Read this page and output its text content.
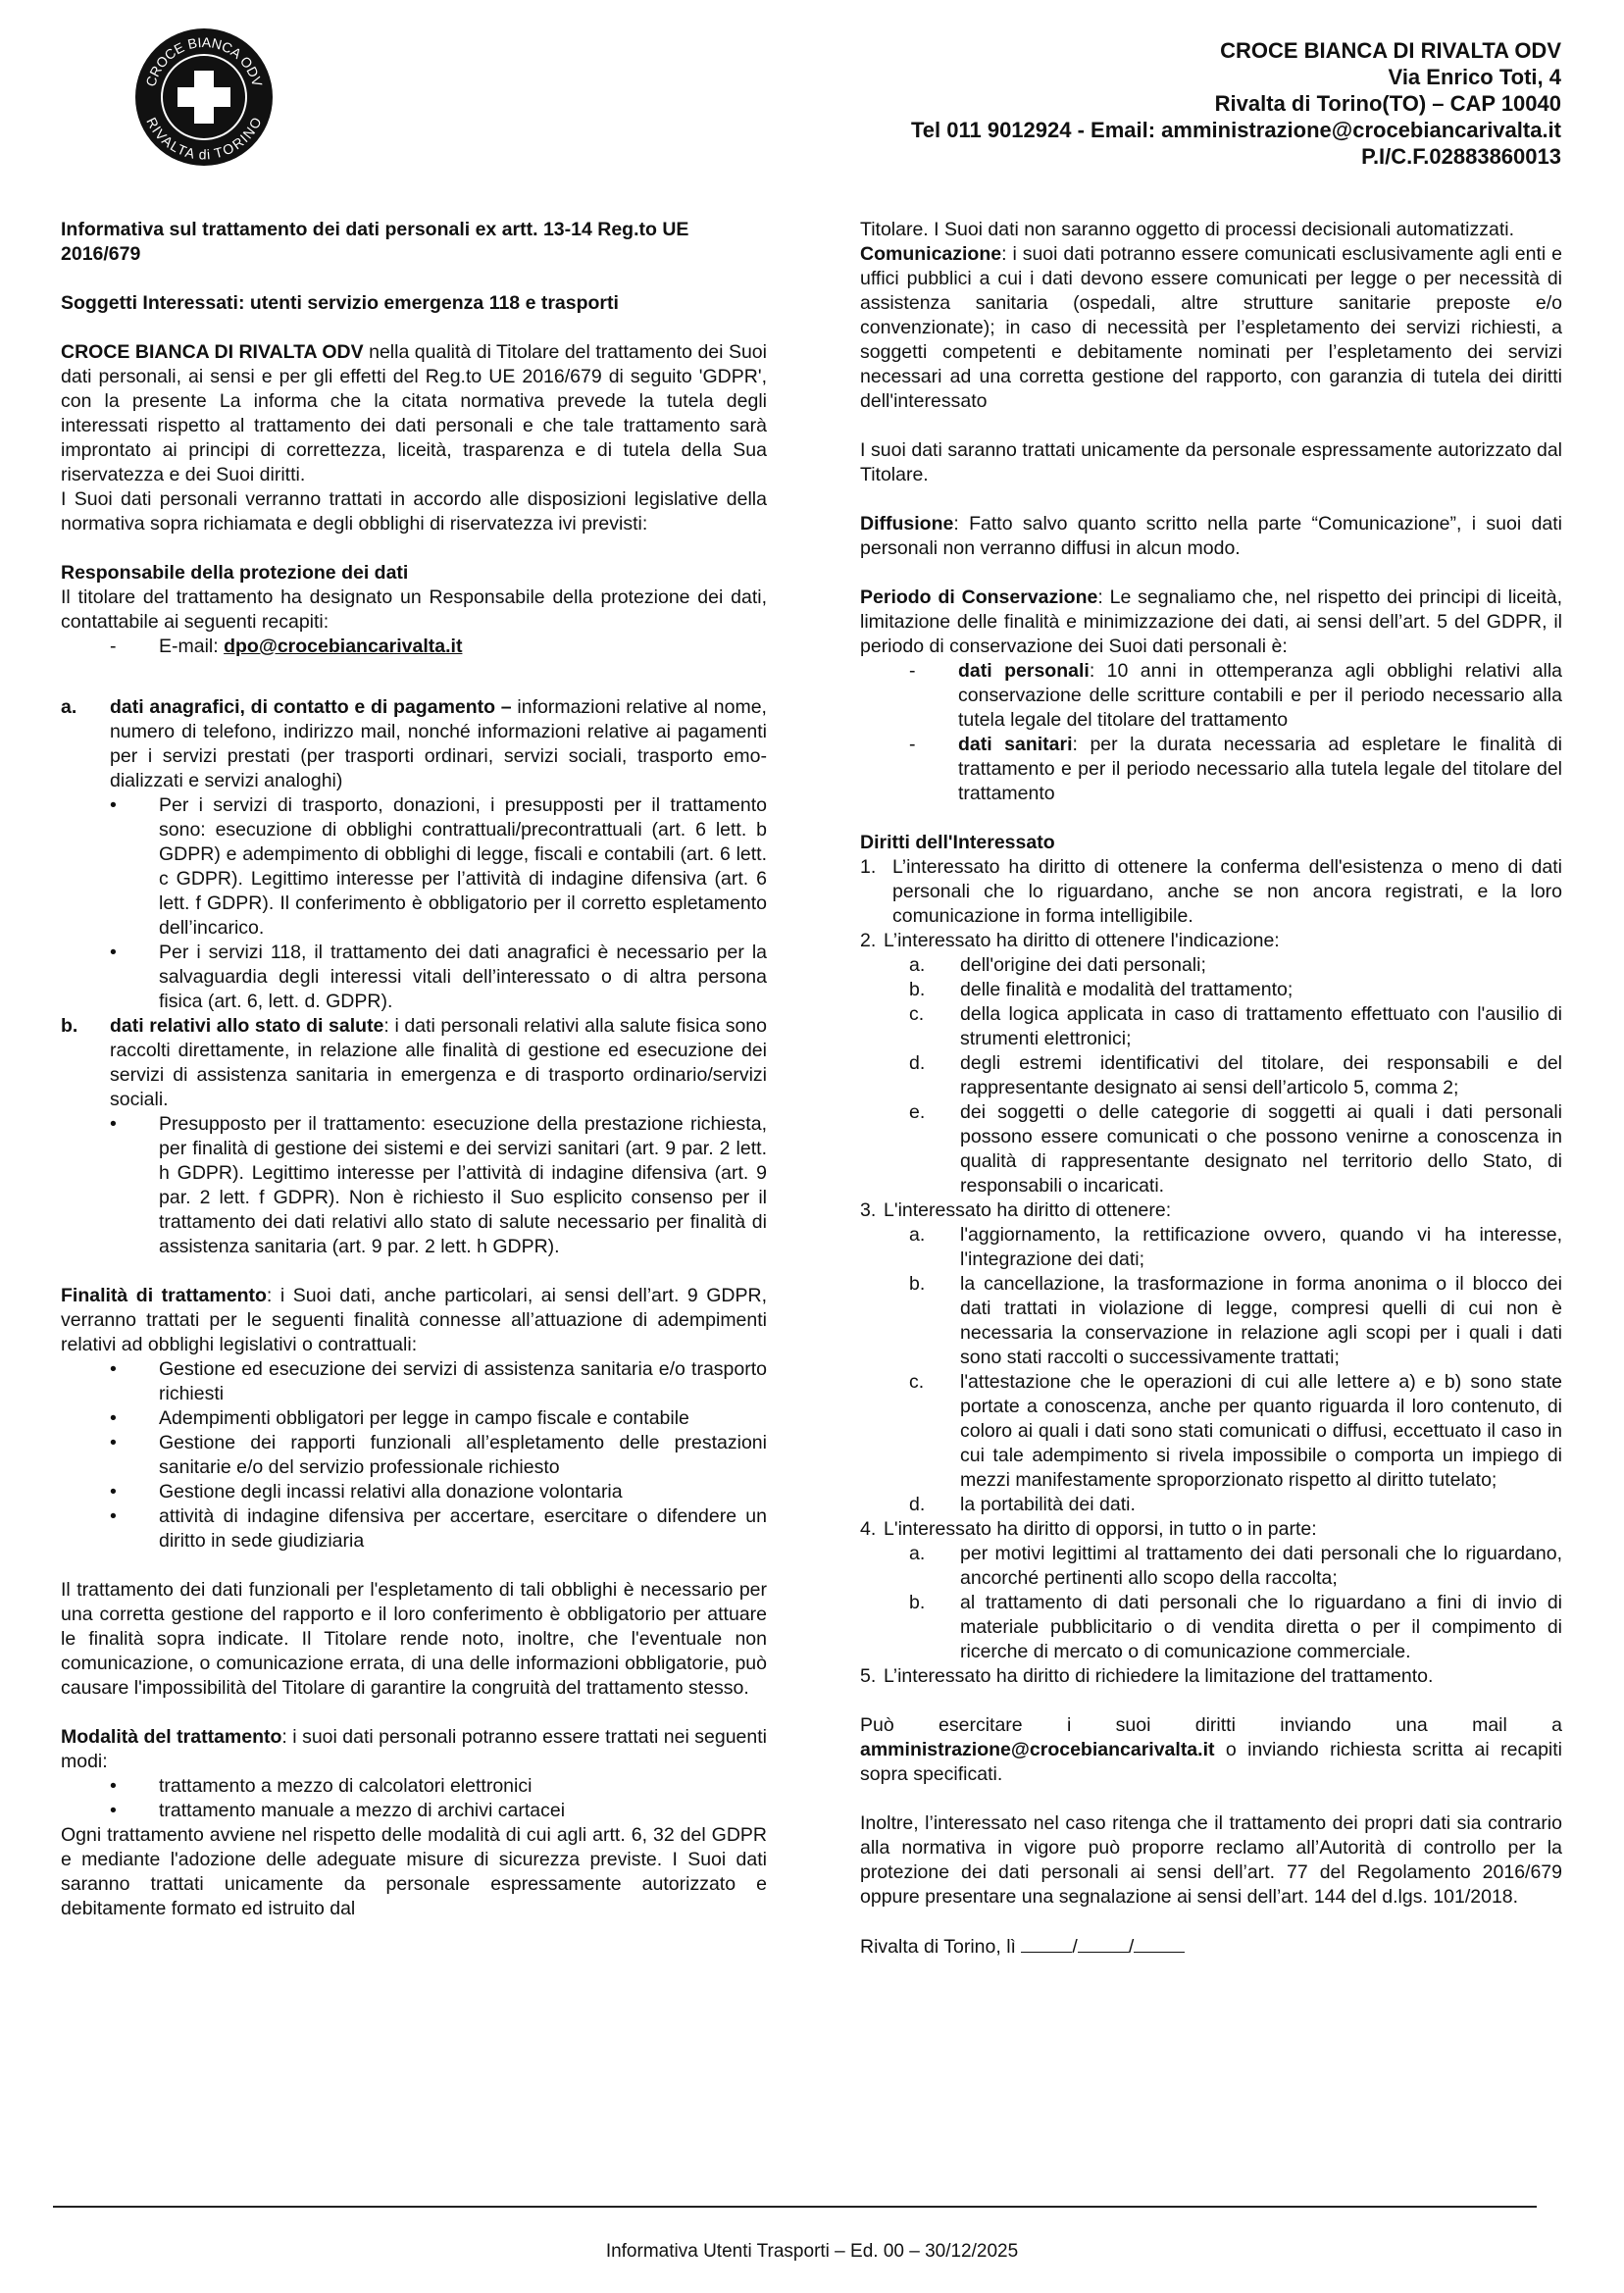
CROCE BIANCA ODV
RIVALTA di TORINO
CROCE BIANCA DI RIVALTA ODV
Via Enrico Toti, 4
Rivalta di Torino(TO) – CAP 10040
Tel 011 9012924 - Email: amministrazione@crocebiancarivalta.it
P.I/C.F.02883860013

Informativa sul trattamento dei dati personali ex artt. 13-14 Reg.to UE 2016/679

Soggetti Interessati: utenti servizio emergenza 118 e trasporti

CROCE BIANCA DI RIVALTA ODV nella qualità di Titolare del trattamento dei Suoi dati personali, ai sensi e per gli effetti del Reg.to UE 2016/679 di seguito 'GDPR', con la presente La informa che la citata normativa prevede la tutela degli interessati rispetto al trattamento dei dati personali e che tale trattamento sarà improntato ai principi di correttezza, liceità, trasparenza e di tutela della Sua riservatezza e dei Suoi diritti.

I Suoi dati personali verranno trattati in accordo alle disposizioni legislative della normativa sopra richiamata e degli obblighi di riservatezza ivi previsti:

Responsabile della protezione dei dati

Il titolare del trattamento ha designato un Responsabile della protezione dei dati, contattabile ai seguenti recapiti:

-	E-mail: dpo@crocebiancarivalta.it
a.	dati anagrafici, di contatto e di pagamento – informazioni relative al nome, numero di telefono, indirizzo mail, nonché informazioni relative ai pagamenti per i servizi prestati (per trasporti ordinari, servizi sociali, trasporto emo-dializzati e servizi analoghi)
•	Per i servizi di trasporto, donazioni, i presupposti per il trattamento sono: esecuzione di obblighi contrattuali/precontrattuali (art. 6 lett. b GDPR) e adempimento di obblighi di legge, fiscali e contabili (art. 6 lett. c GDPR). Legittimo interesse per l’attività di indagine difensiva (art. 6 lett. f GDPR). Il conferimento è obbligatorio per il corretto espletamento dell’incarico.
•	Per i servizi 118, il trattamento dei dati anagrafici è necessario per la salvaguardia degli interessi vitali dell’interessato o di altra persona fisica (art. 6, lett. d. GDPR).
b.	dati relativi allo stato di salute: i dati personali relativi alla salute fisica sono raccolti direttamente, in relazione alle finalità di gestione ed esecuzione dei servizi di assistenza sanitaria in emergenza e di trasporto ordinario/servizi sociali.
•	Presupposto per il trattamento: esecuzione della prestazione richiesta, per finalità di gestione dei sistemi e dei servizi sanitari (art. 9 par. 2 lett. h GDPR). Legittimo interesse per l’attività di indagine difensiva (art. 9 par. 2 lett. f GDPR). Non è richiesto il Suo esplicito consenso per il trattamento dei dati relativi allo stato di salute necessario per finalità di assistenza sanitaria (art. 9 par. 2 lett. h GDPR).

Finalità di trattamento: i Suoi dati, anche particolari, ai sensi dell’art. 9 GDPR, verranno trattati per le seguenti finalità connesse all’attuazione di adempimenti relativi ad obblighi legislativi o contrattuali:

•	Gestione ed esecuzione dei servizi di assistenza sanitaria e/o trasporto richiesti
•	Adempimenti obbligatori per legge in campo fiscale e contabile
•	Gestione dei rapporti funzionali all’espletamento delle prestazioni sanitarie e/o del servizio professionale richiesto
•	Gestione degli incassi relativi alla donazione volontaria
•	attività di indagine difensiva per accertare, esercitare o difendere un diritto in sede giudiziaria

Il trattamento dei dati funzionali per l'espletamento di tali obblighi è necessario per una corretta gestione del rapporto e il loro conferimento è obbligatorio per attuare le finalità sopra indicate. Il Titolare rende noto, inoltre, che l'eventuale non comunicazione, o comunicazione errata, di una delle informazioni obbligatorie, può causare l'impossibilità del Titolare di garantire la congruità del trattamento stesso.

Modalità del trattamento: i suoi dati personali potranno essere trattati nei seguenti modi:

•	trattamento a mezzo di calcolatori elettronici
•	trattamento manuale a mezzo di archivi cartacei

Ogni trattamento avviene nel rispetto delle modalità di cui agli artt. 6, 32 del GDPR e mediante l'adozione delle adeguate misure di sicurezza previste. I Suoi dati saranno trattati unicamente da personale espressamente autorizzato e debitamente formato ed istruito dal

Titolare. I Suoi dati non saranno oggetto di processi decisionali automatizzati.

Comunicazione: i suoi dati potranno essere comunicati esclusivamente agli enti e uffici pubblici a cui i dati devono essere comunicati per legge o per necessità di assistenza sanitaria (ospedali, altre strutture sanitarie preposte e/o convenzionate); in caso di necessità per l’espletamento dei servizi richiesti, a soggetti competenti e debitamente nominati per l’espletamento dei servizi necessari ad una corretta gestione del rapporto, con garanzia di tutela dei diritti dell'interessato

I suoi dati saranno trattati unicamente da personale espressamente autorizzato dal Titolare.

Diffusione: Fatto salvo quanto scritto nella parte “Comunicazione”, i suoi dati personali non verranno diffusi in alcun modo.

Periodo di Conservazione: Le segnaliamo che, nel rispetto dei principi di liceità, limitazione delle finalità e minimizzazione dei dati, ai sensi dell’art. 5 del GDPR, il periodo di conservazione dei Suoi dati personali è:

-	dati personali: 10 anni in ottemperanza agli obblighi relativi alla conservazione delle scritture contabili e per il periodo necessario alla tutela legale del titolare del trattamento
-	dati sanitari: per la durata necessaria ad espletare le finalità di trattamento e per il periodo necessario alla tutela legale del titolare del trattamento

Diritti dell'Interessato

1. L’interessato ha diritto di ottenere la conferma dell'esistenza o meno di dati personali che lo riguardano, anche se non ancora registrati, e la loro comunicazione in forma intelligibile.
2. L’interessato ha diritto di ottenere l'indicazione:
a.	dell'origine dei dati personali;
b.	delle finalità e modalità del trattamento;
c.	della logica applicata in caso di trattamento effettuato con l'ausilio di strumenti elettronici;
d.	degli estremi identificativi del titolare, dei responsabili e del rappresentante designato ai sensi dell’articolo 5, comma 2;
e.	dei soggetti o delle categorie di soggetti ai quali i dati personali possono essere comunicati o che possono venirne a conoscenza in qualità di rappresentante designato nel territorio dello Stato, di responsabili o incaricati.
3. L'interessato ha diritto di ottenere:
a.	l'aggiornamento, la rettificazione ovvero, quando vi ha interesse, l'integrazione dei dati;
b.	la cancellazione, la trasformazione in forma anonima o il blocco dei dati trattati in violazione di legge, compresi quelli di cui non è necessaria la conservazione in relazione agli scopi per i quali i dati sono stati raccolti o successivamente trattati;
c.	l'attestazione che le operazioni di cui alle lettere a) e b) sono state portate a conoscenza, anche per quanto riguarda il loro contenuto, di coloro ai quali i dati sono stati comunicati o diffusi, eccettuato il caso in cui tale adempimento si rivela impossibile o comporta un impiego di mezzi manifestamente sproporzionato rispetto al diritto tutelato;
d.	la portabilità dei dati.
4. L'interessato ha diritto di opporsi, in tutto o in parte:
a.	per motivi legittimi al trattamento dei dati personali che lo riguardano, ancorché pertinenti allo scopo della raccolta;
b.	al trattamento di dati personali che lo riguardano a fini di invio di materiale pubblicitario o di vendita diretta o per il compimento di ricerche di mercato o di comunicazione commerciale.
5. L’interessato ha diritto di richiedere la limitazione del trattamento.

Può esercitare i suoi diritti inviando una mail a amministrazione@crocebiancarivalta.it o inviando richiesta scritta ai recapiti sopra specificati.

Inoltre, l’interessato nel caso ritenga che il trattamento dei propri dati sia contrario alla normativa in vigore può proporre reclamo all’Autorità di controllo per la protezione dei dati personali ai sensi dell’art. 77 del Regolamento 2016/679 oppure presentare una segnalazione ai sensi dell’art. 144 del d.lgs. 101/2018.

Rivalta di Torino, lì	/	/

Informativa Utenti Trasporti – Ed. 00 – 30/12/2025
